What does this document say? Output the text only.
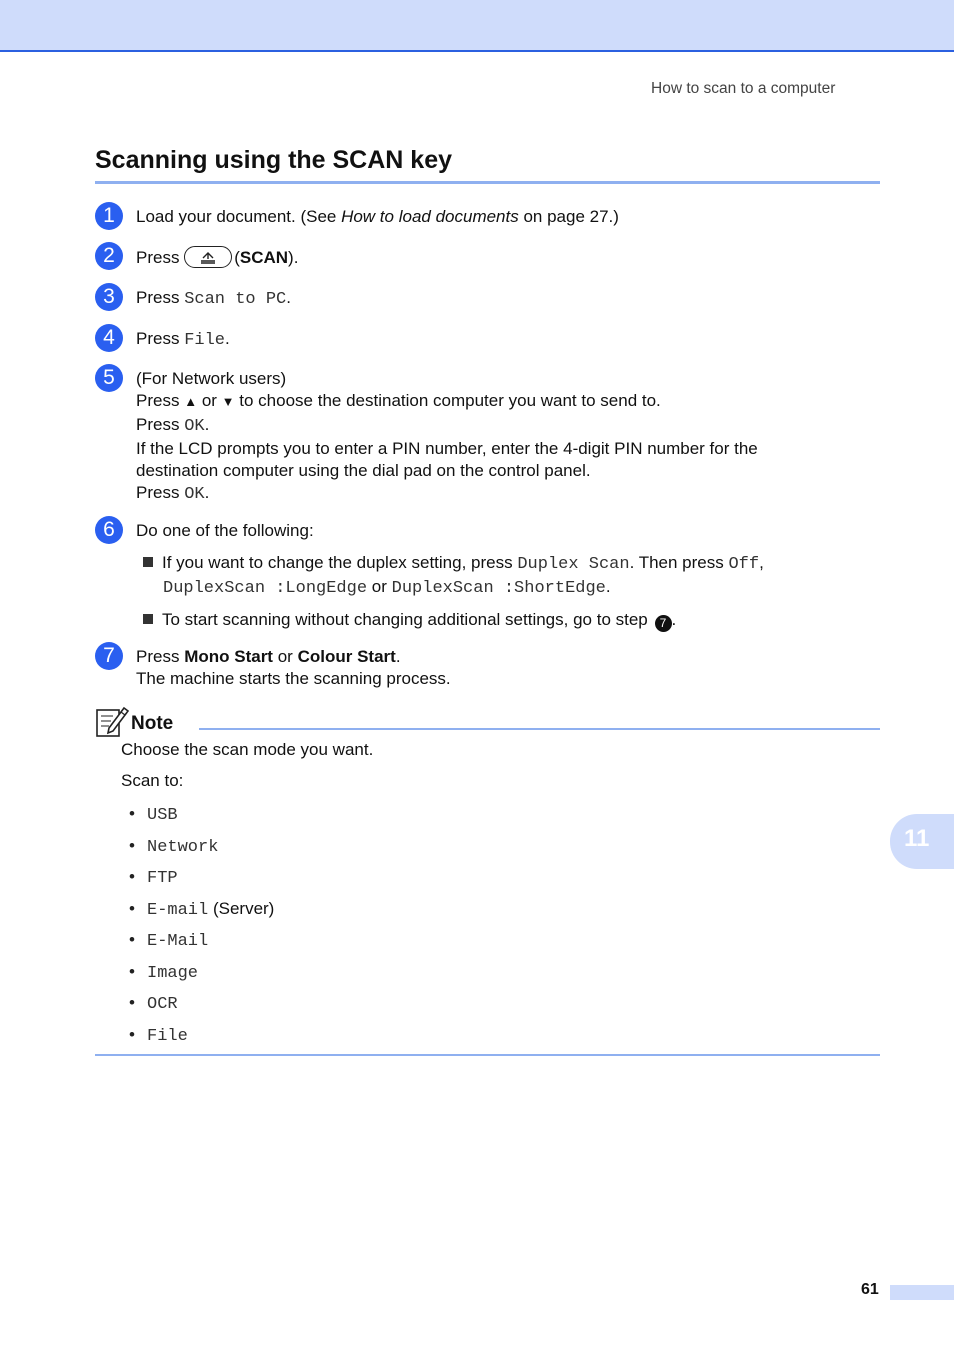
How to scan to a computer
Scanning using the SCAN key
1	Load your document. (See How to load documents on page 27.)
2	Press	(SCAN).
3	Press Scan to PC.
4	Press File.
5	(For Network users)
Press ▲ or ▼ to choose the destination computer you want to send to.
Press OK.
If the LCD prompts you to enter a PIN number, enter the 4-digit PIN number for the
destination computer using the dial pad on the control panel.
Press OK.
6	Do one of the following:
If you want to change the duplex setting, press Duplex Scan. Then press Off,
DuplexScan :LongEdge or DuplexScan :ShortEdge.
To start scanning without changing additional settings, go to step 7 .
7	Press Mono Start or Colour Start.
The machine starts the scanning process.
Note
Choose the scan mode you want.
Scan to:
• USB
• Network
• FTP
• E-mail (Server)
• E-Mail
• Image
• OCR
• File
11
61
